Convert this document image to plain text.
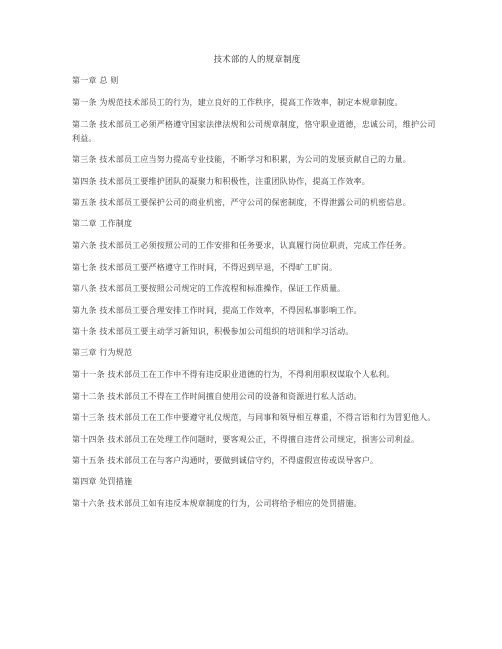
技术部的人的规章制度
第一章 总 则
第一条 为规范技术部员工的行为，建立良好的工作秩序，提高工作效率，制定本规章制度。
第二条 技术部员工必须严格遵守国家法律法规和公司规章制度，恪守职业道德，忠诚公司，维护公司利益。
第三条 技术部员工应当努力提高专业技能，不断学习和积累，为公司的发展贡献自己的力量。
第四条 技术部员工要维护团队的凝聚力和积极性，注重团队协作，提高工作效率。
第五条 技术部员工要保护公司的商业机密，严守公司的保密制度，不得泄露公司的机密信息。
第二章 工作制度
第六条 技术部员工必须按照公司的工作安排和任务要求，认真履行岗位职责，完成工作任务。
第七条 技术部员工要严格遵守工作时间，不得迟到早退，不得旷工旷岗。
第八条 技术部员工要按照公司规定的工作流程和标准操作，保证工作质量。
第九条 技术部员工要合理安排工作时间，提高工作效率，不得因私事影响工作。
第十条 技术部员工要主动学习新知识，积极参加公司组织的培训和学习活动。
第三章 行为规范
第十一条 技术部员工在工作中不得有违反职业道德的行为，不得利用职权谋取个人私利。
第十二条 技术部员工不得在工作时间擅自使用公司的设备和资源进行私人活动。
第十三条 技术部员工在工作中要遵守礼仪规范，与同事和领导相互尊重，不得言语和行为冒犯他人。
第十四条 技术部员工在处理工作问题时，要客观公正，不得擅自违背公司规定，损害公司利益。
第十五条 技术部员工在与客户沟通时，要做到诚信守约，不得虚假宣传或误导客户。
第四章 处罚措施
第十六条 技术部员工如有违反本规章制度的行为，公司将给予相应的处罚措施。
